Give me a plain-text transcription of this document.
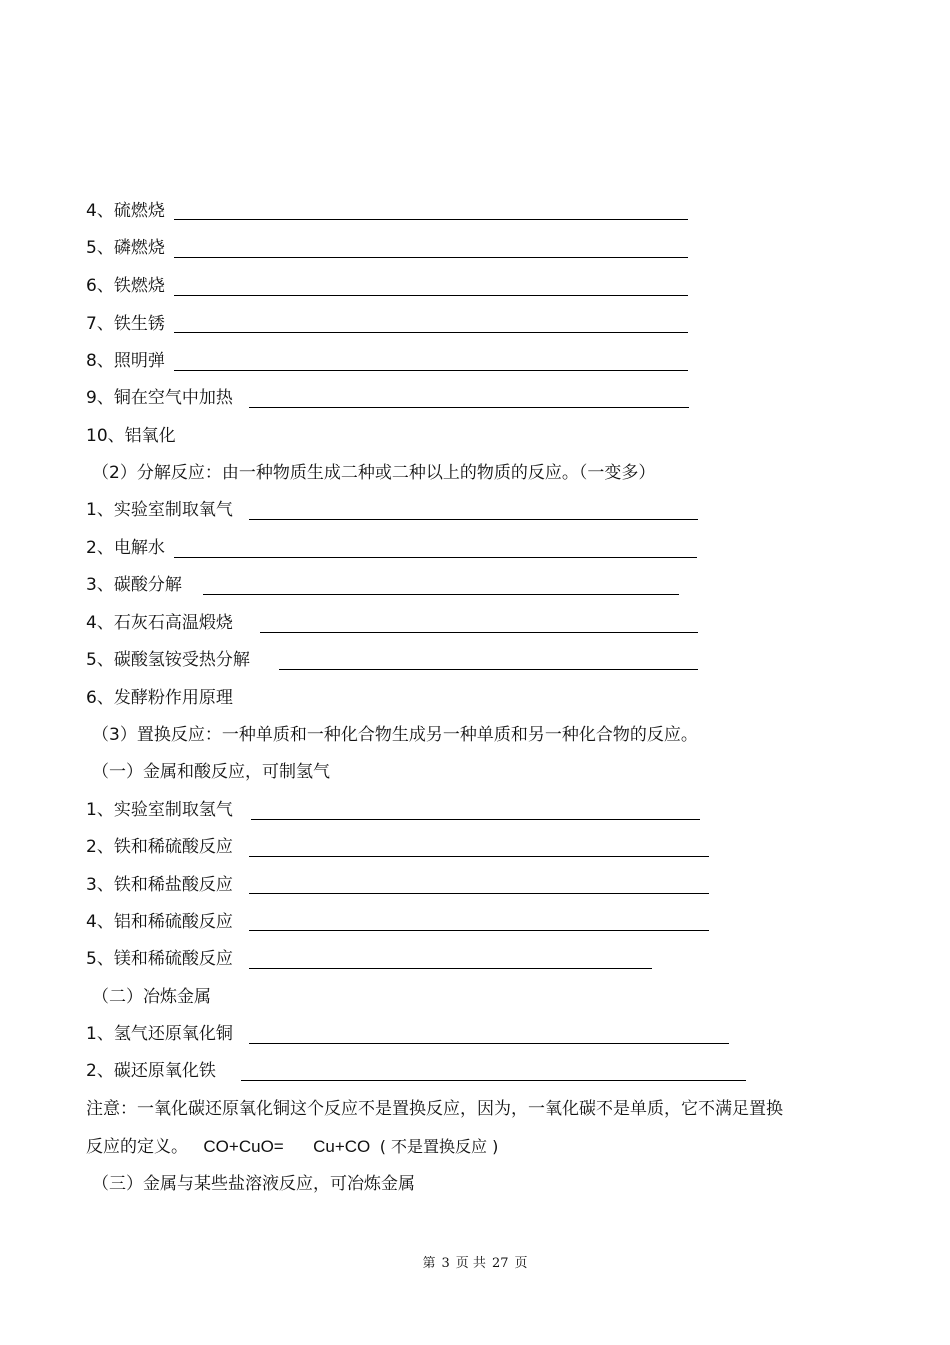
4、硫燃烧
5、磷燃烧
6、铁燃烧
7、铁生锈
8、照明弹
9、铜在空气中加热
10、铝氧化
（2）分解反应：由一种物质生成二种或二种以上的物质的反应。（一变多）
1、实验室制取氧气
2、电解水
3、碳酸分解
4、石灰石高温煅烧
5、碳酸氢铵受热分解
6、发酵粉作用原理
（3）置换反应：一种单质和一种化合物生成另一种单质和另一种化合物的反应。
（一）金属和酸反应，可制氢气
1、实验室制取氢气
2、铁和稀硫酸反应
3、铁和稀盐酸反应
4、铝和稀硫酸反应
5、镁和稀硫酸反应
（二）冶炼金属
1、氢气还原氧化铜
2、碳还原氧化铁
注意：一氧化碳还原氧化铜这个反应不是置换反应，因为，一氧化碳不是单质，它不满足置换
反应的定义。 CO+CuO= Cu+CO ( 不是置换反应 )
（三）金属与某些盐溶液反应，可冶炼金属
第 3 页 共 27 页
